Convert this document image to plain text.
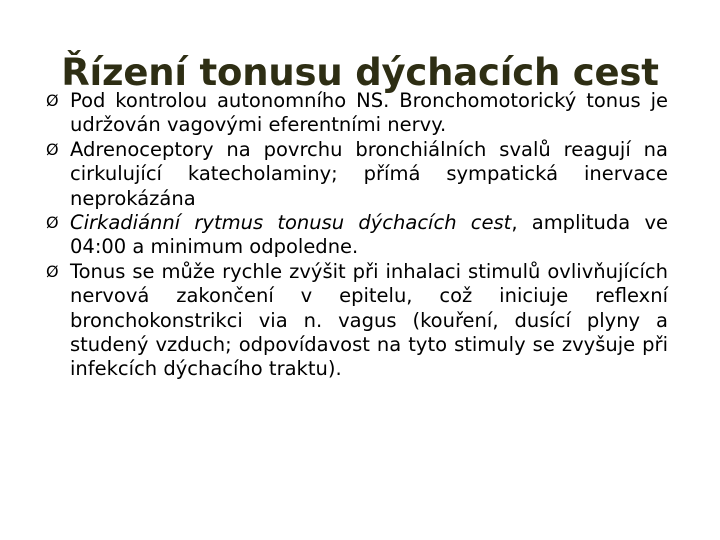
Řízení tonusu dýchacích cest
Ø Pod kontrolou autonomního NS. Bronchomotorický tonus je udržován vagovými eferentními nervy.
Ø Adrenoceptory na povrchu bronchiálních svalů reagují na cirkulující katecholaminy; přímá sympatická inervace neprokázána
Ø Cirkadiánní rytmus tonusu dýchacích cest, amplituda ve 04:00 a minimum odpoledne.
Ø Tonus se může rychle zvýšit při inhalaci stimulů ovlivňujících nervová zakončení v epitelu, což iniciuje reflexní bronchokonstrikci via n. vagus (kouření, dusící plyny a studený vzduch; odpovídavost na tyto stimuly se zvyšuje při infekcích dýchacího traktu).
